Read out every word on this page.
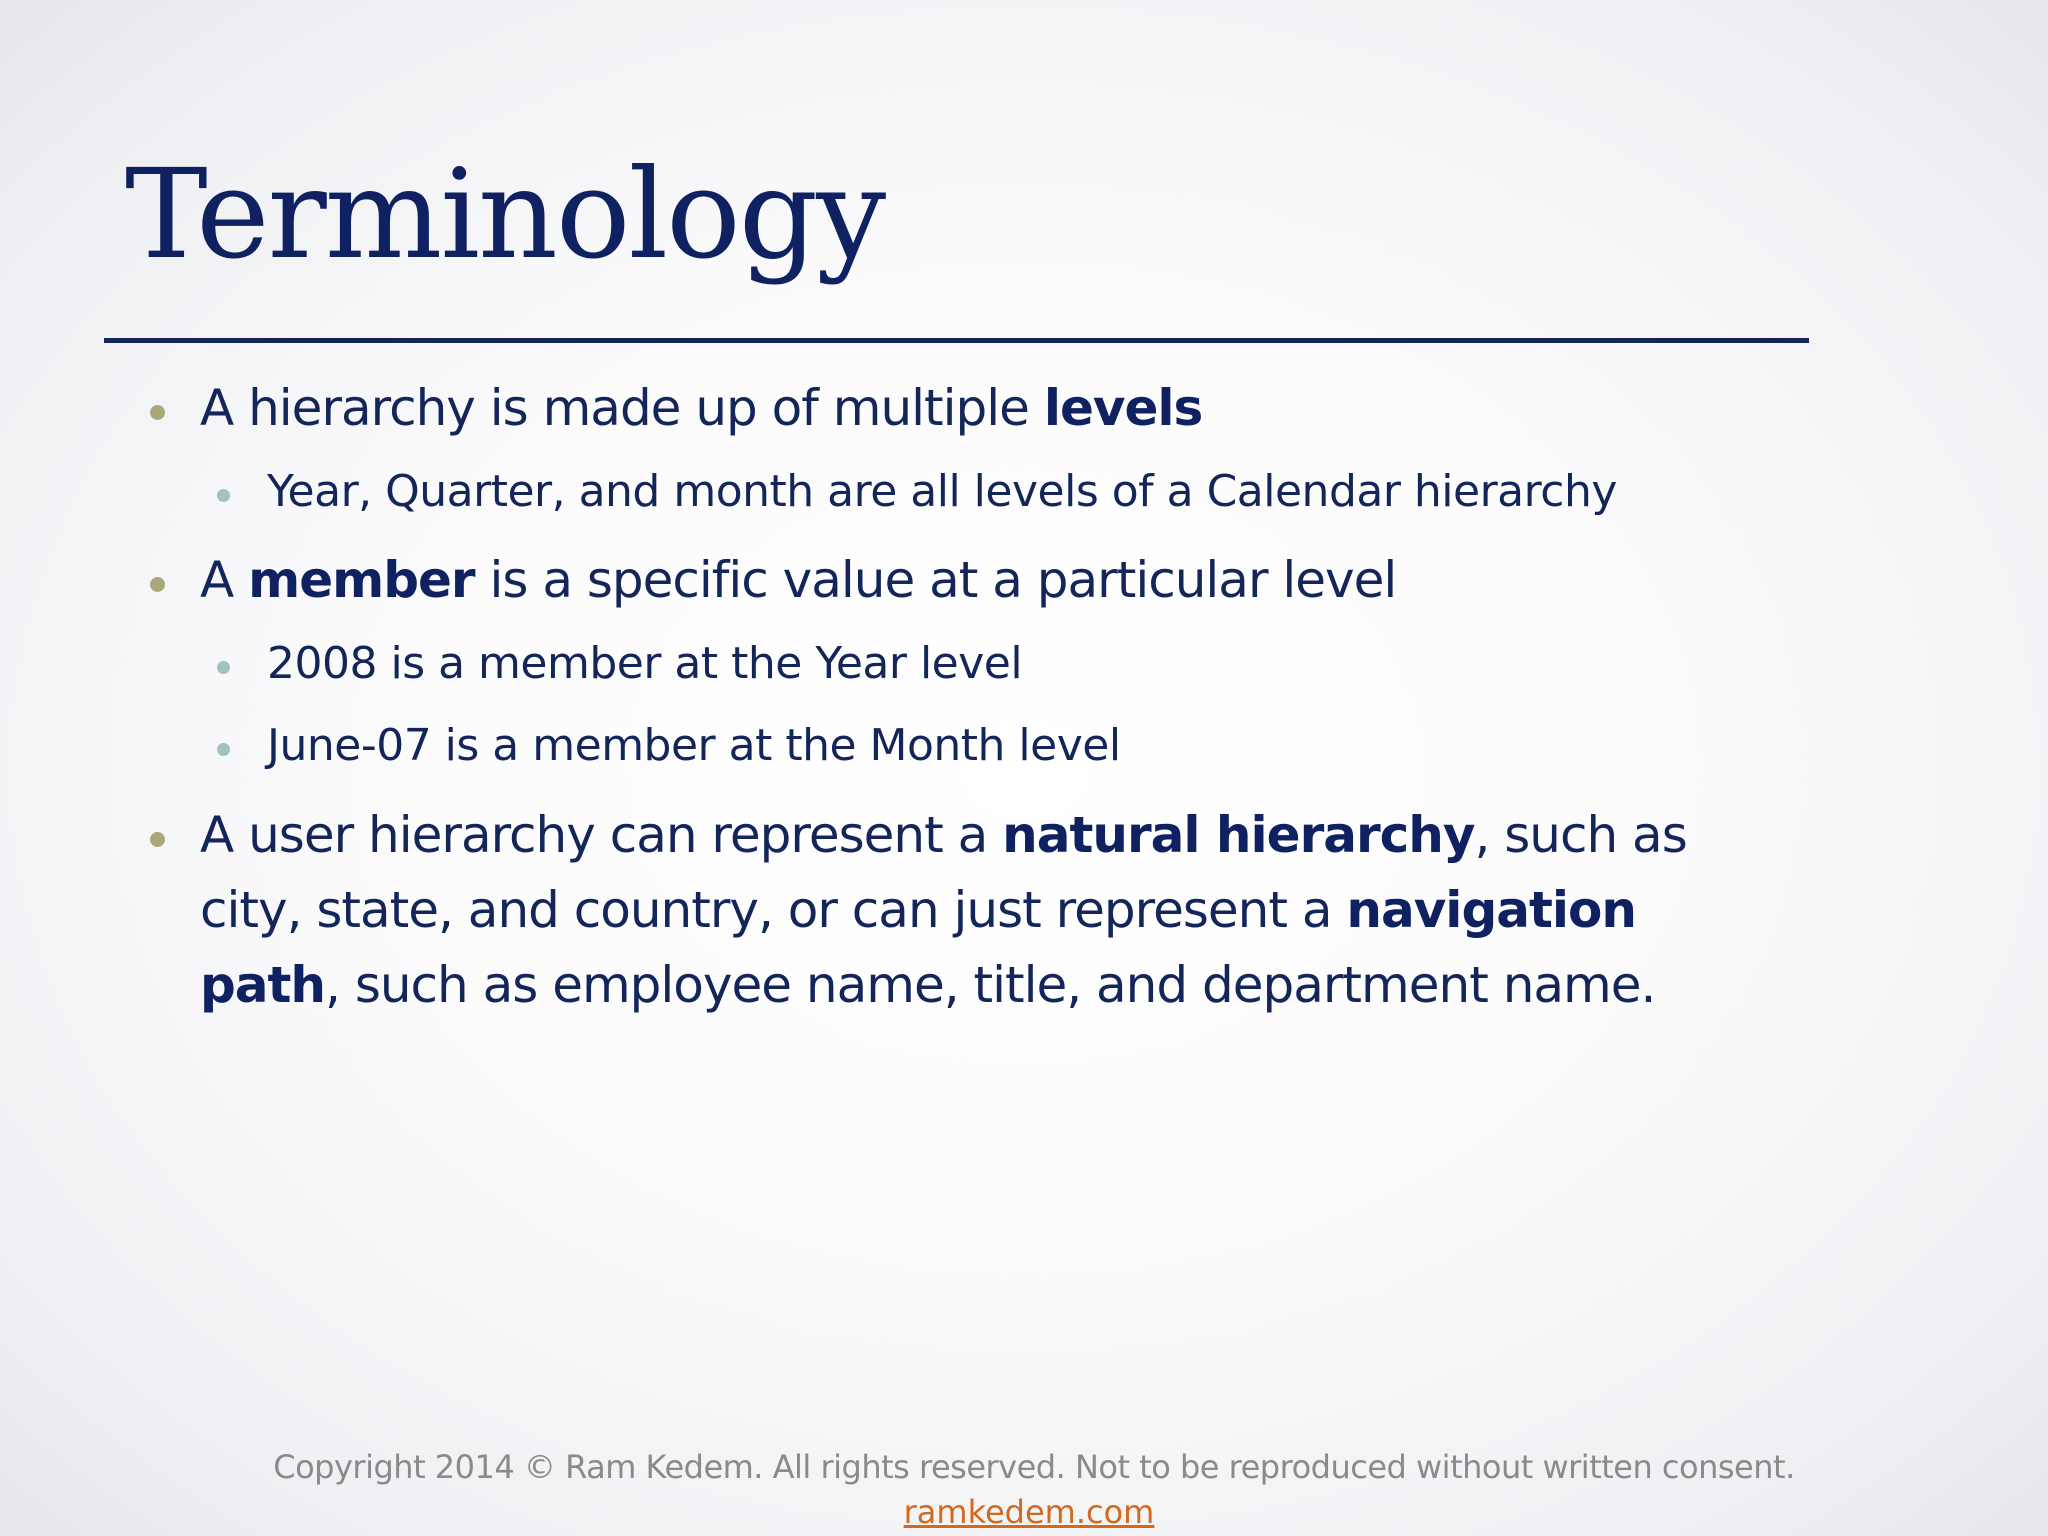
Terminology
A hierarchy is made up of multiple levels
Year, Quarter, and month are all levels of a Calendar hierarchy
A member is a specific value at a particular level
2008 is a member at the Year level
June-07 is a member at the Month level
A user hierarchy can represent a natural hierarchy, such as city, state, and country, or can just represent a navigation path, such as employee name, title, and department name.
Copyright 2014 © Ram Kedem. All rights reserved. Not to be reproduced without written consent.
ramkedem.com
